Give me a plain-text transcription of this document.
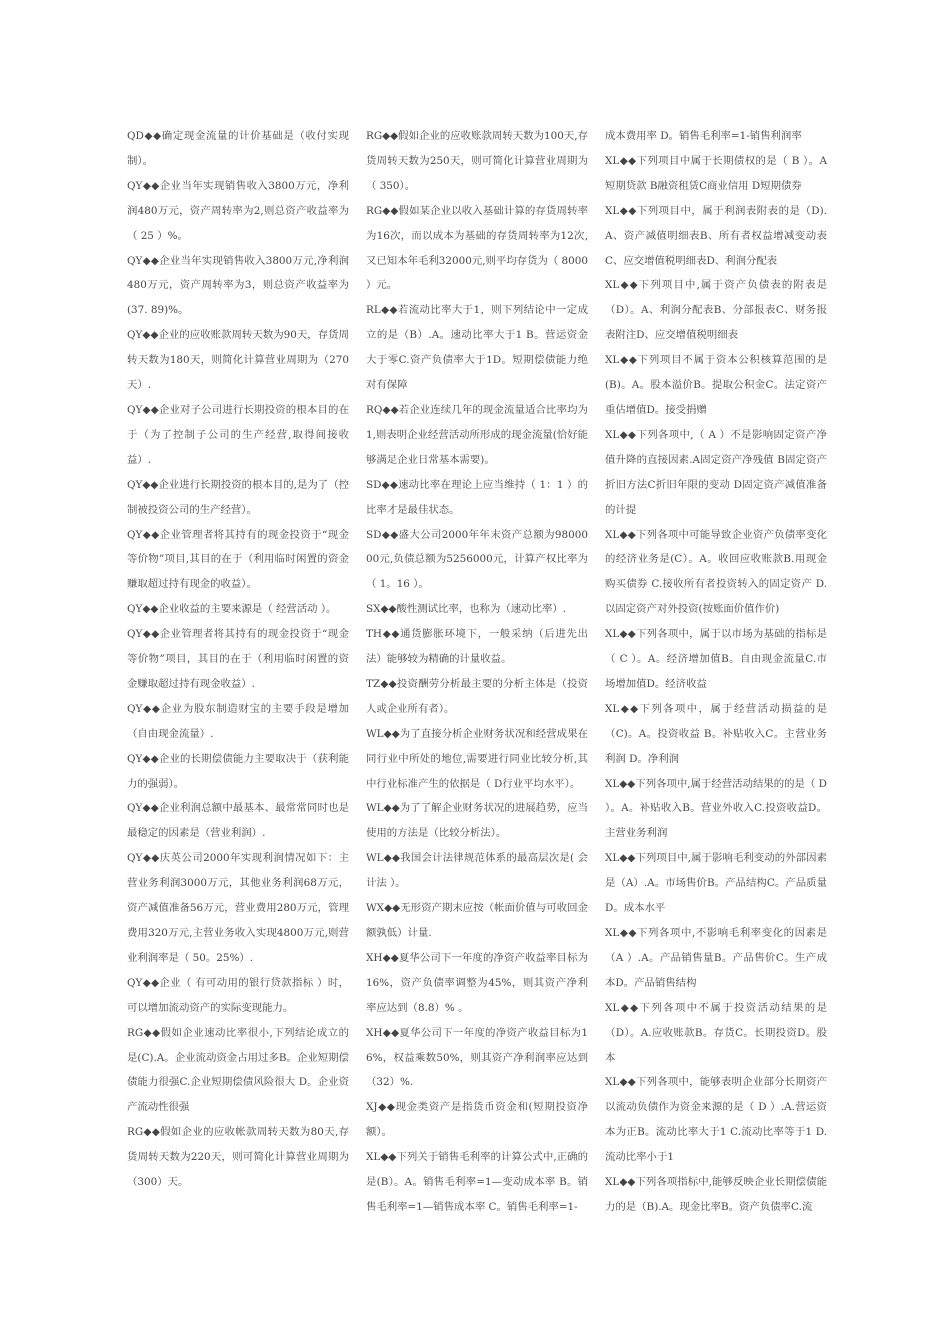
QD◆◆确定现金流量的计价基础是（收付实现制）。

QY◆◆企业当年实现销售收入3800万元，净利润480万元，资产周转率为2,则总资产收益率为（ 25 ）%。

QY◆◆企业当年实现销售收入3800万元,净利润480万元，资产周转率为3，则总资产收益率为(37. 89)%。

QY◆◆企业的应收账款周转天数为90天，存货周转天数为180天，则简化计算营业周期为（270天）.

QY◆◆企业对子公司进行长期投资的根本目的在于（为了控制子公司的生产经营,取得间接收益）.

QY◆◆企业进行长期投资的根本目的,是为了（控制被投资公司的生产经营）。

QY◆◆企业管理者将其持有的现金投资于“现金等价物”项目,其目的在于（利用临时闲置的资金赚取超过持有现金的收益）。

QY◆◆企业收益的主要来源是（ 经营活动 ）。

QY◆◆企业管理者将其持有的现金投资于“现金等价物”项目，其目的在于（利用临时闲置的资金赚取超过持有现金收益）.

QY◆◆企业为股东制造财宝的主要手段是增加（自由现金流量）.

QY◆◆企业的长期偿债能力主要取决于（获利能力的强弱）。

QY◆◆企业利润总额中最基本、最常常同时也是最稳定的因素是（营业利润）.

QY◆◆庆英公司2000年实现利润情况如下：主营业务利润3000万元，其他业务利润68万元，资产减值准备56万元，营业费用280万元，管理费用320万元,主营业务收入实现4800万元,则营业利润率是（ 50。25%）.

QY◆◆企业（ 有可动用的银行贷款指标 ）时，可以增加流动资产的实际变现能力。

RG◆◆假如企业速动比率很小,下列结论成立的是(C).A。企业流动资金占用过多B。企业短期偿债能力很强C.企业短期偿债风险很大 D。企业资产流动性很强

RG◆◆假如企业的应收帐款周转天数为80天,存货周转天数为220天，则可简化计算营业周期为（300）天。

RG◆◆假如企业的应收账款周转天数为100天,存货周转天数为250天，则可简化计算营业周期为（ 350）。

RG◆◆假如某企业以收入基础计算的存货周转率为16次，而以成本为基础的存货周转率为12次,又已知本年毛利32000元,则平均存货为（ 8000 ）元。

RL◆◆若流动比率大于1，则下列结论中一定成立的是（B）.A。速动比率大于1 B。营运资金大于零C.资产负债率大于1D。短期偿债能力绝对有保障

RQ◆◆若企业连续几年的现金流量适合比率均为1,则表明企业经营活动所形成的现金流量(恰好能够满足企业日常基本需要)。

SD◆◆速动比率在理论上应当维持（ 1：1 ）的比率才是最佳状态。

SD◆◆盛大公司2000年年末资产总额为9800000元,负债总额为5256000元，计算产权比率为（ 1。16 ）。

SX◆◆酸性测试比率，也称为（速动比率）.

TH◆◆通货膨胀环境下，一般采纳（后进先出法）能够较为精确的计量收益。

TZ◆◆投资酬劳分析最主要的分析主体是（投资人或企业所有者）。

WL◆◆为了直接分析企业财务状况和经营成果在同行业中所处的地位,需要进行同业比较分析,其中行业标准产生的依据是（ D行业平均水平）。

WL◆◆为了了解企业财务状况的进展趋势，应当使用的方法是（比较分析法）。

WL◆◆我国会计法律规范体系的最高层次是( 会计法 ）。

WX◆◆无形资产期末应按（帐面价值与可收回金额孰低）计量.

XH◆◆夏华公司下一年度的净资产收益率目标为16%，资产负债率调整为45%，则其资产净利率应达到（8.8）% 。

XH◆◆夏华公司下一年度的净资产收益目标为16%，权益乘数50%，则其资产净利润率应达到（32）%.

XJ◆◆现金类资产是指货币资金和(短期投资净额）。

XL◆◆下列关于销售毛利率的计算公式中,正确的是(B）。A。销售毛利率=1—变动成本率 B。销售毛利率=1—销售成本率 C。销售毛利率=1-

成本费用率 D。销售毛利率=1-销售利润率

XL◆◆下列项目中属于长期债权的是（ B ）。A短期贷款 B融资租赁C商业信用 D短期债券

XL◆◆下列项目中，属于利润表附表的是（D).A、资产减值明细表B、所有者权益增减变动表C、应交增值税明细表D、利润分配表

XL◆◆下列项目中,属于资产负债表的附表是（D）。A、利润分配表B、分部报表C、财务报表附注D、应交增值税明细表

XL◆◆下列项目不属于资本公积核算范围的是(B)。A。股本溢价B。提取公积金C。法定资产重估增值D。接受捐赠

XL◆◆下列各项中,（ A ）不是影响固定资产净值升降的直接因素.A固定资产净残值 B固定资产折旧方法C折旧年限的变动 D固定资产减值准备的计提

XL◆◆下列各项中可能导致企业资产负债率变化的经济业务是(C）。A。收回应收账款B.用现金购买债券 C.接收所有者投资转入的固定资产 D.以固定资产对外投资(按账面价值作价)

XL◆◆下列各项中，属于以市场为基础的指标是（ C ）。A。经济增加值B。自由现金流量C.市场增加值D。经济收益

XL◆◆下列各项中，属于经营活动损益的是（C)。A。投资收益 B。补贴收入C。主营业务利润 D。净利润

XL◆◆下列各项中,属于经营活动结果的的是（ D ）。A。补贴收入B。营业外收入C.投资收益D。主营业务利润

XL◆◆下列项目中,属于影响毛利变动的外部因素是（A）.A。市场售价B。产品结构C。产品质量D。成本水平

XL◆◆下列各项中,不影响毛利率变化的因素是（A ）.A。产品销售量B。产品售价C。生产成本D。产品销售结构

XL◆◆下列各项中不属于投资活动结果的是（D）。A.应收账款B。存货C。长期投资D。股本

XL◆◆下列各项中，能够表明企业部分长期资产以流动负债作为资金来源的是（ D ）.A.营运资本为正B。流动比率大于1 C.流动比率等于1 D.流动比率小于1

XL◆◆下列各项指标中,能够反映企业长期偿债能力的是（B).A。现金比率B。资产负债率C.流
